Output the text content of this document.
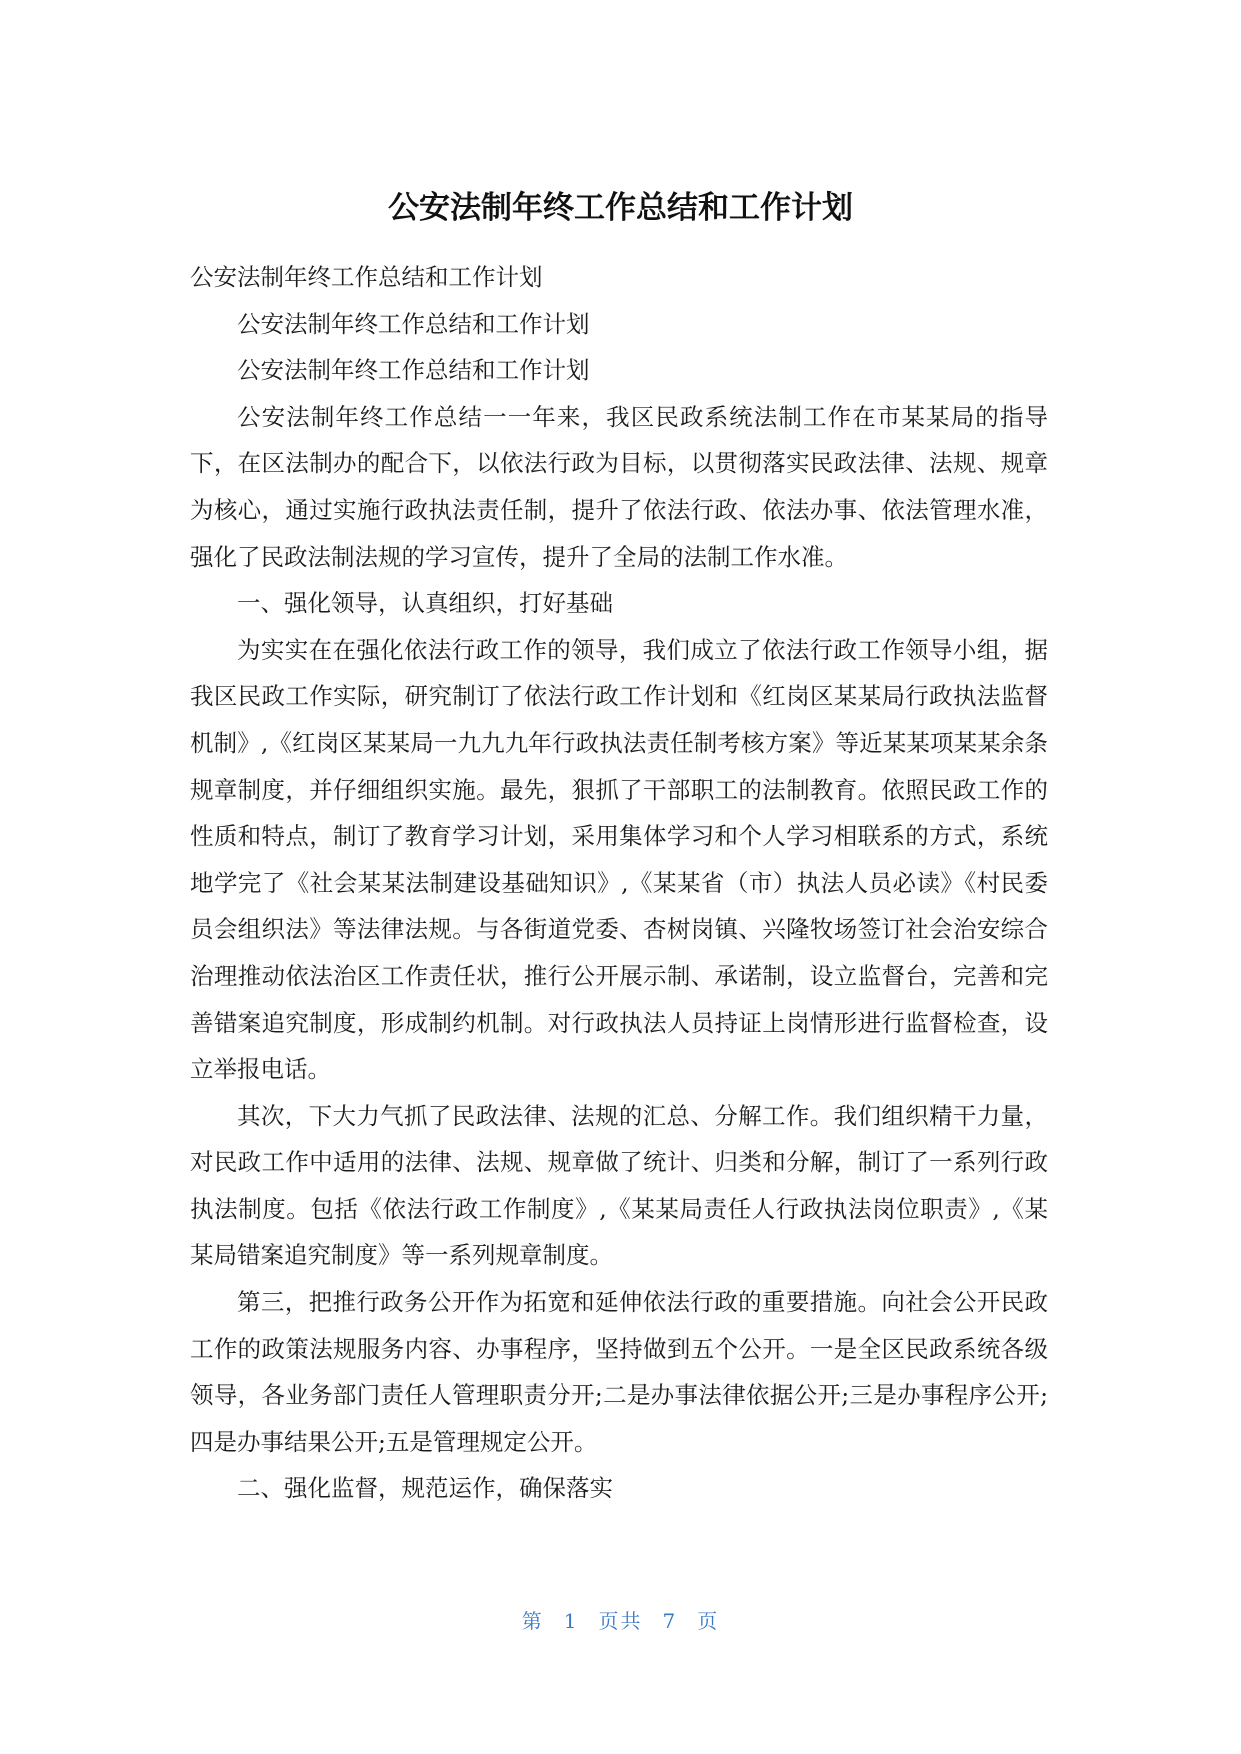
公安法制年终工作总结和工作计划

公安法制年终工作总结和工作计划

公安法制年终工作总结和工作计划

公安法制年终工作总结和工作计划

公安法制年终工作总结一一年来，我区民政系统法制工作在市某某局的指导下，在区法制办的配合下，以依法行政为目标，以贯彻落实民政法律、法规、规章为核心，通过实施行政执法责任制，提升了依法行政、依法办事、依法管理水准，强化了民政法制法规的学习宣传，提升了全局的法制工作水准。

一、强化领导，认真组织，打好基础

为实实在在强化依法行政工作的领导，我们成立了依法行政工作领导小组，据我区民政工作实际，研究制订了依法行政工作计划和《红岗区某某局行政执法监督机制》,《红岗区某某局一九九九年行政执法责任制考核方案》等近某某项某某余条规章制度，并仔细组织实施。最先，狠抓了干部职工的法制教育。依照民政工作的性质和特点，制订了教育学习计划，采用集体学习和个人学习相联系的方式，系统地学完了《社会某某法制建设基础知识》,《某某省（市）执法人员必读》《村民委员会组织法》等法律法规。与各街道党委、杏树岗镇、兴隆牧场签订社会治安综合治理推动依法治区工作责任状，推行公开展示制、承诺制，设立监督台，完善和完善错案追究制度，形成制约机制。对行政执法人员持证上岗情形进行监督检查，设立举报电话。

其次，下大力气抓了民政法律、法规的汇总、分解工作。我们组织精干力量，对民政工作中适用的法律、法规、规章做了统计、归类和分解，制订了一系列行政执法制度。包括《依法行政工作制度》,《某某局责任人行政执法岗位职责》,《某某局错案追究制度》等一系列规章制度。

第三，把推行政务公开作为拓宽和延伸依法行政的重要措施。向社会公开民政工作的政策法规服务内容、办事程序，坚持做到五个公开。一是全区民政系统各级领导，各业务部门责任人管理职责分开;二是办事法律依据公开;三是办事程序公开;四是办事结果公开;五是管理规定公开。

二、强化监督，规范运作，确保落实

第 1 页共 7 页
